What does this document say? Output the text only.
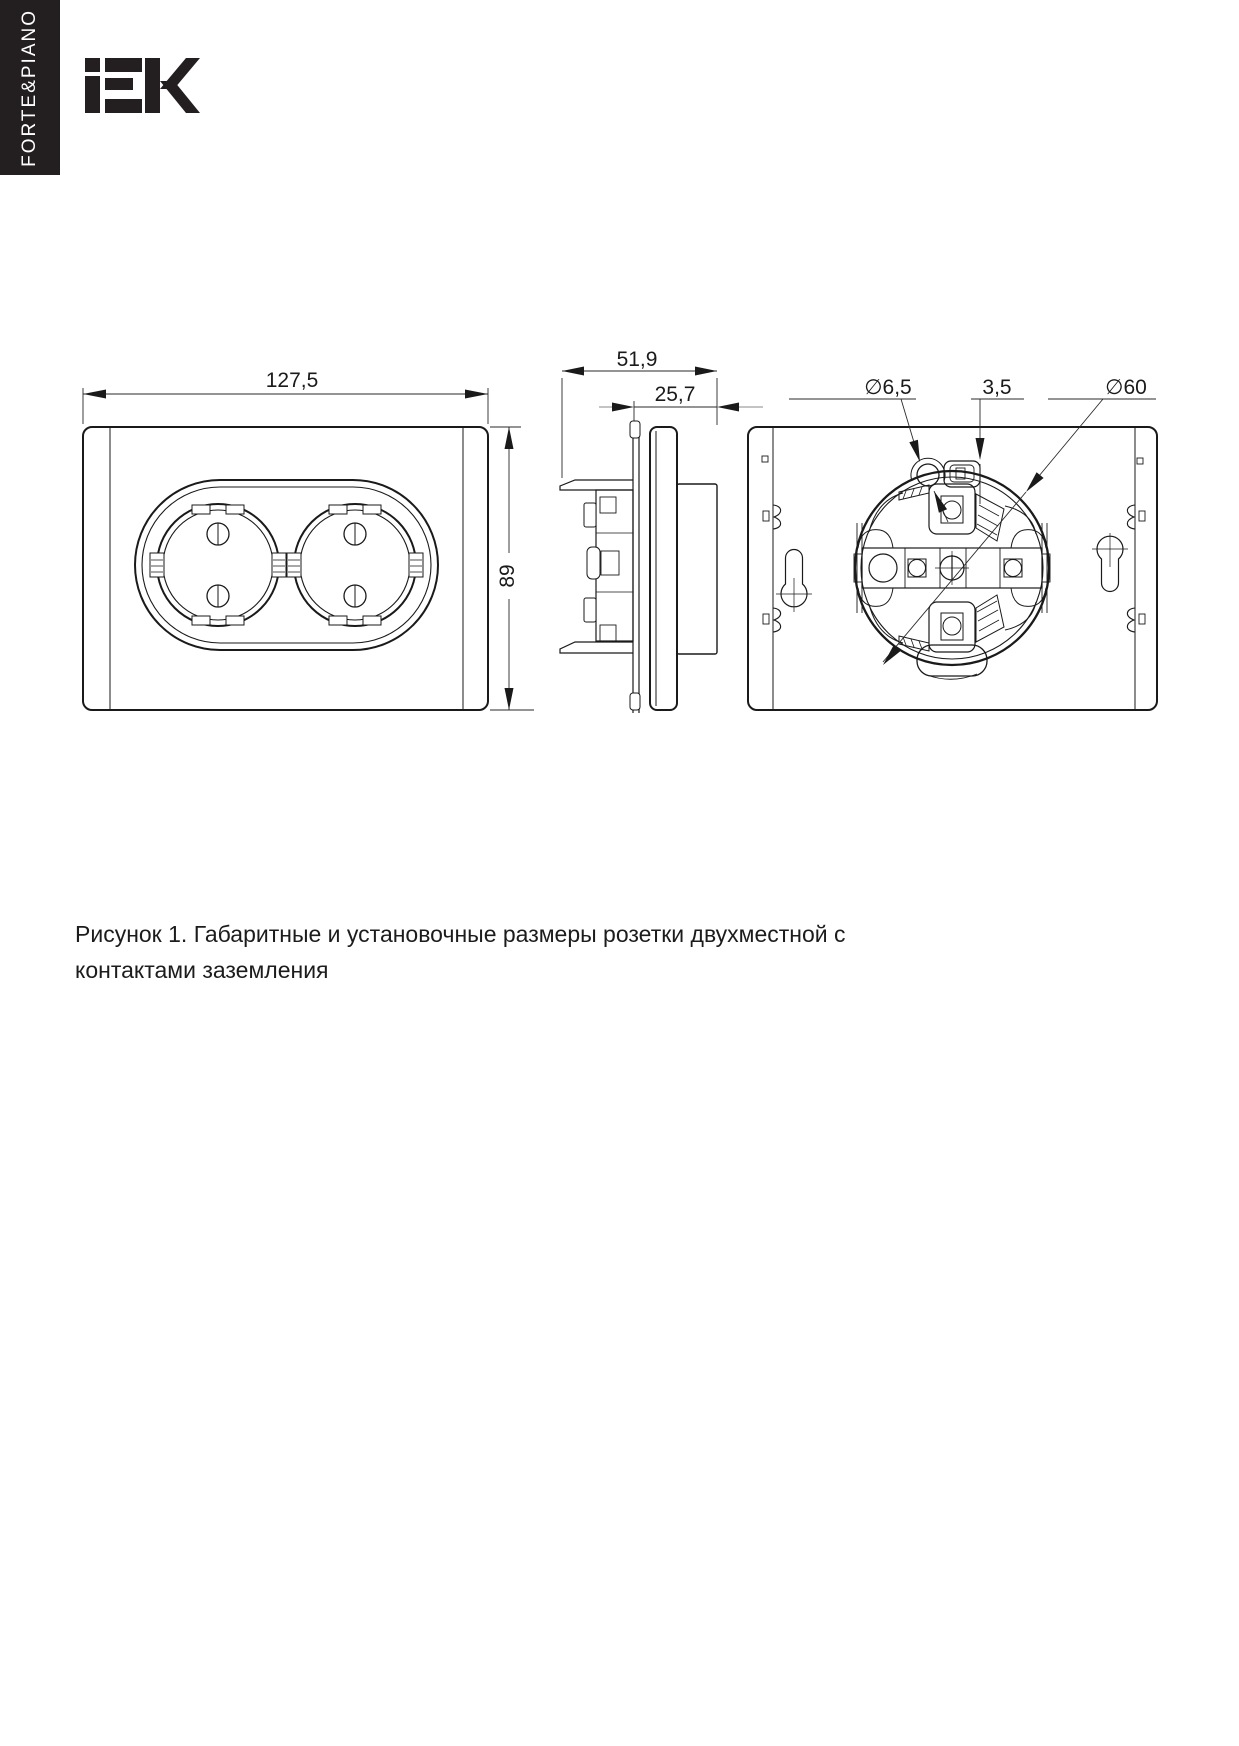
FORTE&PIANO
127,5
89
51,9
25,7	∅6,5	3,5	∅60

Рисунок 1. Габаритные и установочные размеры розетки двухместной с контактами заземления
